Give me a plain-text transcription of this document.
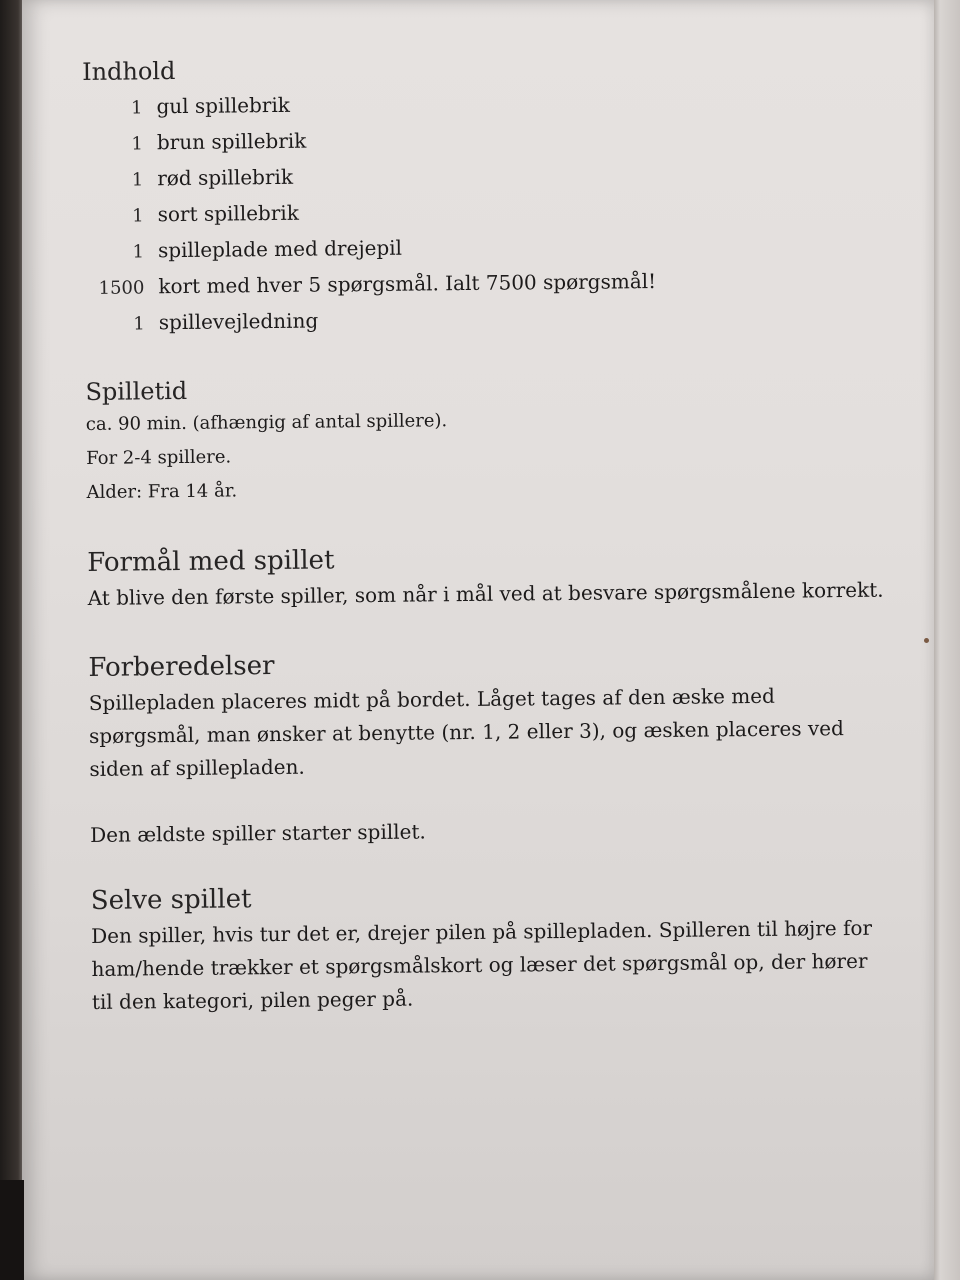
Indhold
1 gul spillebrik
1 brun spillebrik
1 rød spillebrik
1 sort spillebrik
1 spilleplade med drejepil
1500 kort med hver 5 spørgsmål. Ialt 7500 spørgsmål!
1 spillevejledning
Spilletid

ca. 90 min. (afhængig af antal spillere).

For 2-4 spillere.

Alder: Fra 14 år.

Formål med spillet

At blive den første spiller, som når i mål ved at besvare spørgsmålene korrekt.

Forberedelser

Spillepladen placeres midt på bordet. Låget tages af den æske med spørgsmål, man ønsker at benytte (nr. 1, 2 eller 3), og æsken placeres ved siden af spillepladen.

Den ældste spiller starter spillet.

Selve spillet

Den spiller, hvis tur det er, drejer pilen på spillepladen. Spilleren til højre for ham/hende trækker et spørgsmålskort og læser det spørgsmål op, der hører til den kategori, pilen peger på.
